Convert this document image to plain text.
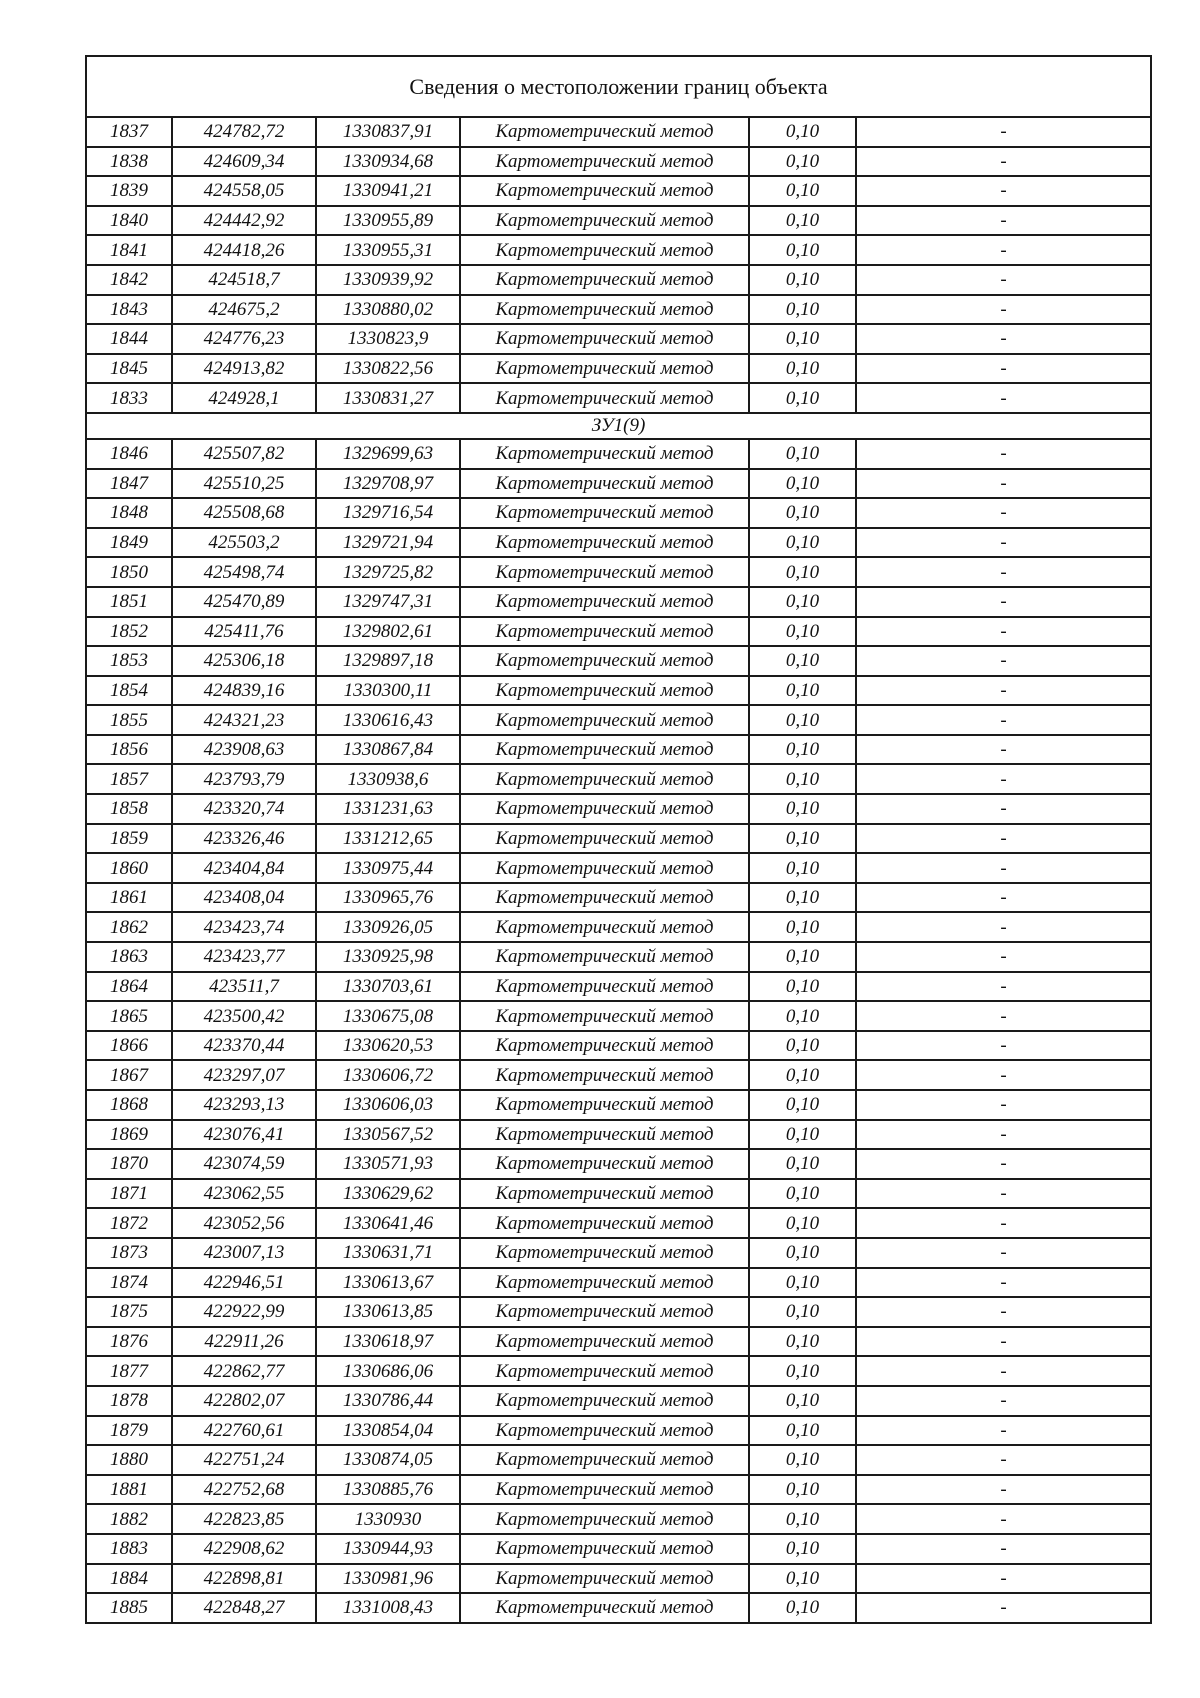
Сведения о местоположении границ объекта					
1837	424782,72	1330837,91	Картометрический метод	0,10	-
1838	424609,34	1330934,68	Картометрический метод	0,10	-
1839	424558,05	1330941,21	Картометрический метод	0,10	-
1840	424442,92	1330955,89	Картометрический метод	0,10	-
1841	424418,26	1330955,31	Картометрический метод	0,10	-
1842	424518,7	1330939,92	Картометрический метод	0,10	-
1843	424675,2	1330880,02	Картометрический метод	0,10	-
1844	424776,23	1330823,9	Картометрический метод	0,10	-
1845	424913,82	1330822,56	Картометрический метод	0,10	-
1833	424928,1	1330831,27	Картометрический метод	0,10	-
ЗУ1(9)					
1846	425507,82	1329699,63	Картометрический метод	0,10	-
1847	425510,25	1329708,97	Картометрический метод	0,10	-
1848	425508,68	1329716,54	Картометрический метод	0,10	-
1849	425503,2	1329721,94	Картометрический метод	0,10	-
1850	425498,74	1329725,82	Картометрический метод	0,10	-
1851	425470,89	1329747,31	Картометрический метод	0,10	-
1852	425411,76	1329802,61	Картометрический метод	0,10	-
1853	425306,18	1329897,18	Картометрический метод	0,10	-
1854	424839,16	1330300,11	Картометрический метод	0,10	-
1855	424321,23	1330616,43	Картометрический метод	0,10	-
1856	423908,63	1330867,84	Картометрический метод	0,10	-
1857	423793,79	1330938,6	Картометрический метод	0,10	-
1858	423320,74	1331231,63	Картометрический метод	0,10	-
1859	423326,46	1331212,65	Картометрический метод	0,10	-
1860	423404,84	1330975,44	Картометрический метод	0,10	-
1861	423408,04	1330965,76	Картометрический метод	0,10	-
1862	423423,74	1330926,05	Картометрический метод	0,10	-
1863	423423,77	1330925,98	Картометрический метод	0,10	-
1864	423511,7	1330703,61	Картометрический метод	0,10	-
1865	423500,42	1330675,08	Картометрический метод	0,10	-
1866	423370,44	1330620,53	Картометрический метод	0,10	-
1867	423297,07	1330606,72	Картометрический метод	0,10	-
1868	423293,13	1330606,03	Картометрический метод	0,10	-
1869	423076,41	1330567,52	Картометрический метод	0,10	-
1870	423074,59	1330571,93	Картометрический метод	0,10	-
1871	423062,55	1330629,62	Картометрический метод	0,10	-
1872	423052,56	1330641,46	Картометрический метод	0,10	-
1873	423007,13	1330631,71	Картометрический метод	0,10	-
1874	422946,51	1330613,67	Картометрический метод	0,10	-
1875	422922,99	1330613,85	Картометрический метод	0,10	-
1876	422911,26	1330618,97	Картометрический метод	0,10	-
1877	422862,77	1330686,06	Картометрический метод	0,10	-
1878	422802,07	1330786,44	Картометрический метод	0,10	-
1879	422760,61	1330854,04	Картометрический метод	0,10	-
1880	422751,24	1330874,05	Картометрический метод	0,10	-
1881	422752,68	1330885,76	Картометрический метод	0,10	-
1882	422823,85	1330930	Картометрический метод	0,10	-
1883	422908,62	1330944,93	Картометрический метод	0,10	-
1884	422898,81	1330981,96	Картометрический метод	0,10	-
1885	422848,27	1331008,43	Картометрический метод	0,10	-
